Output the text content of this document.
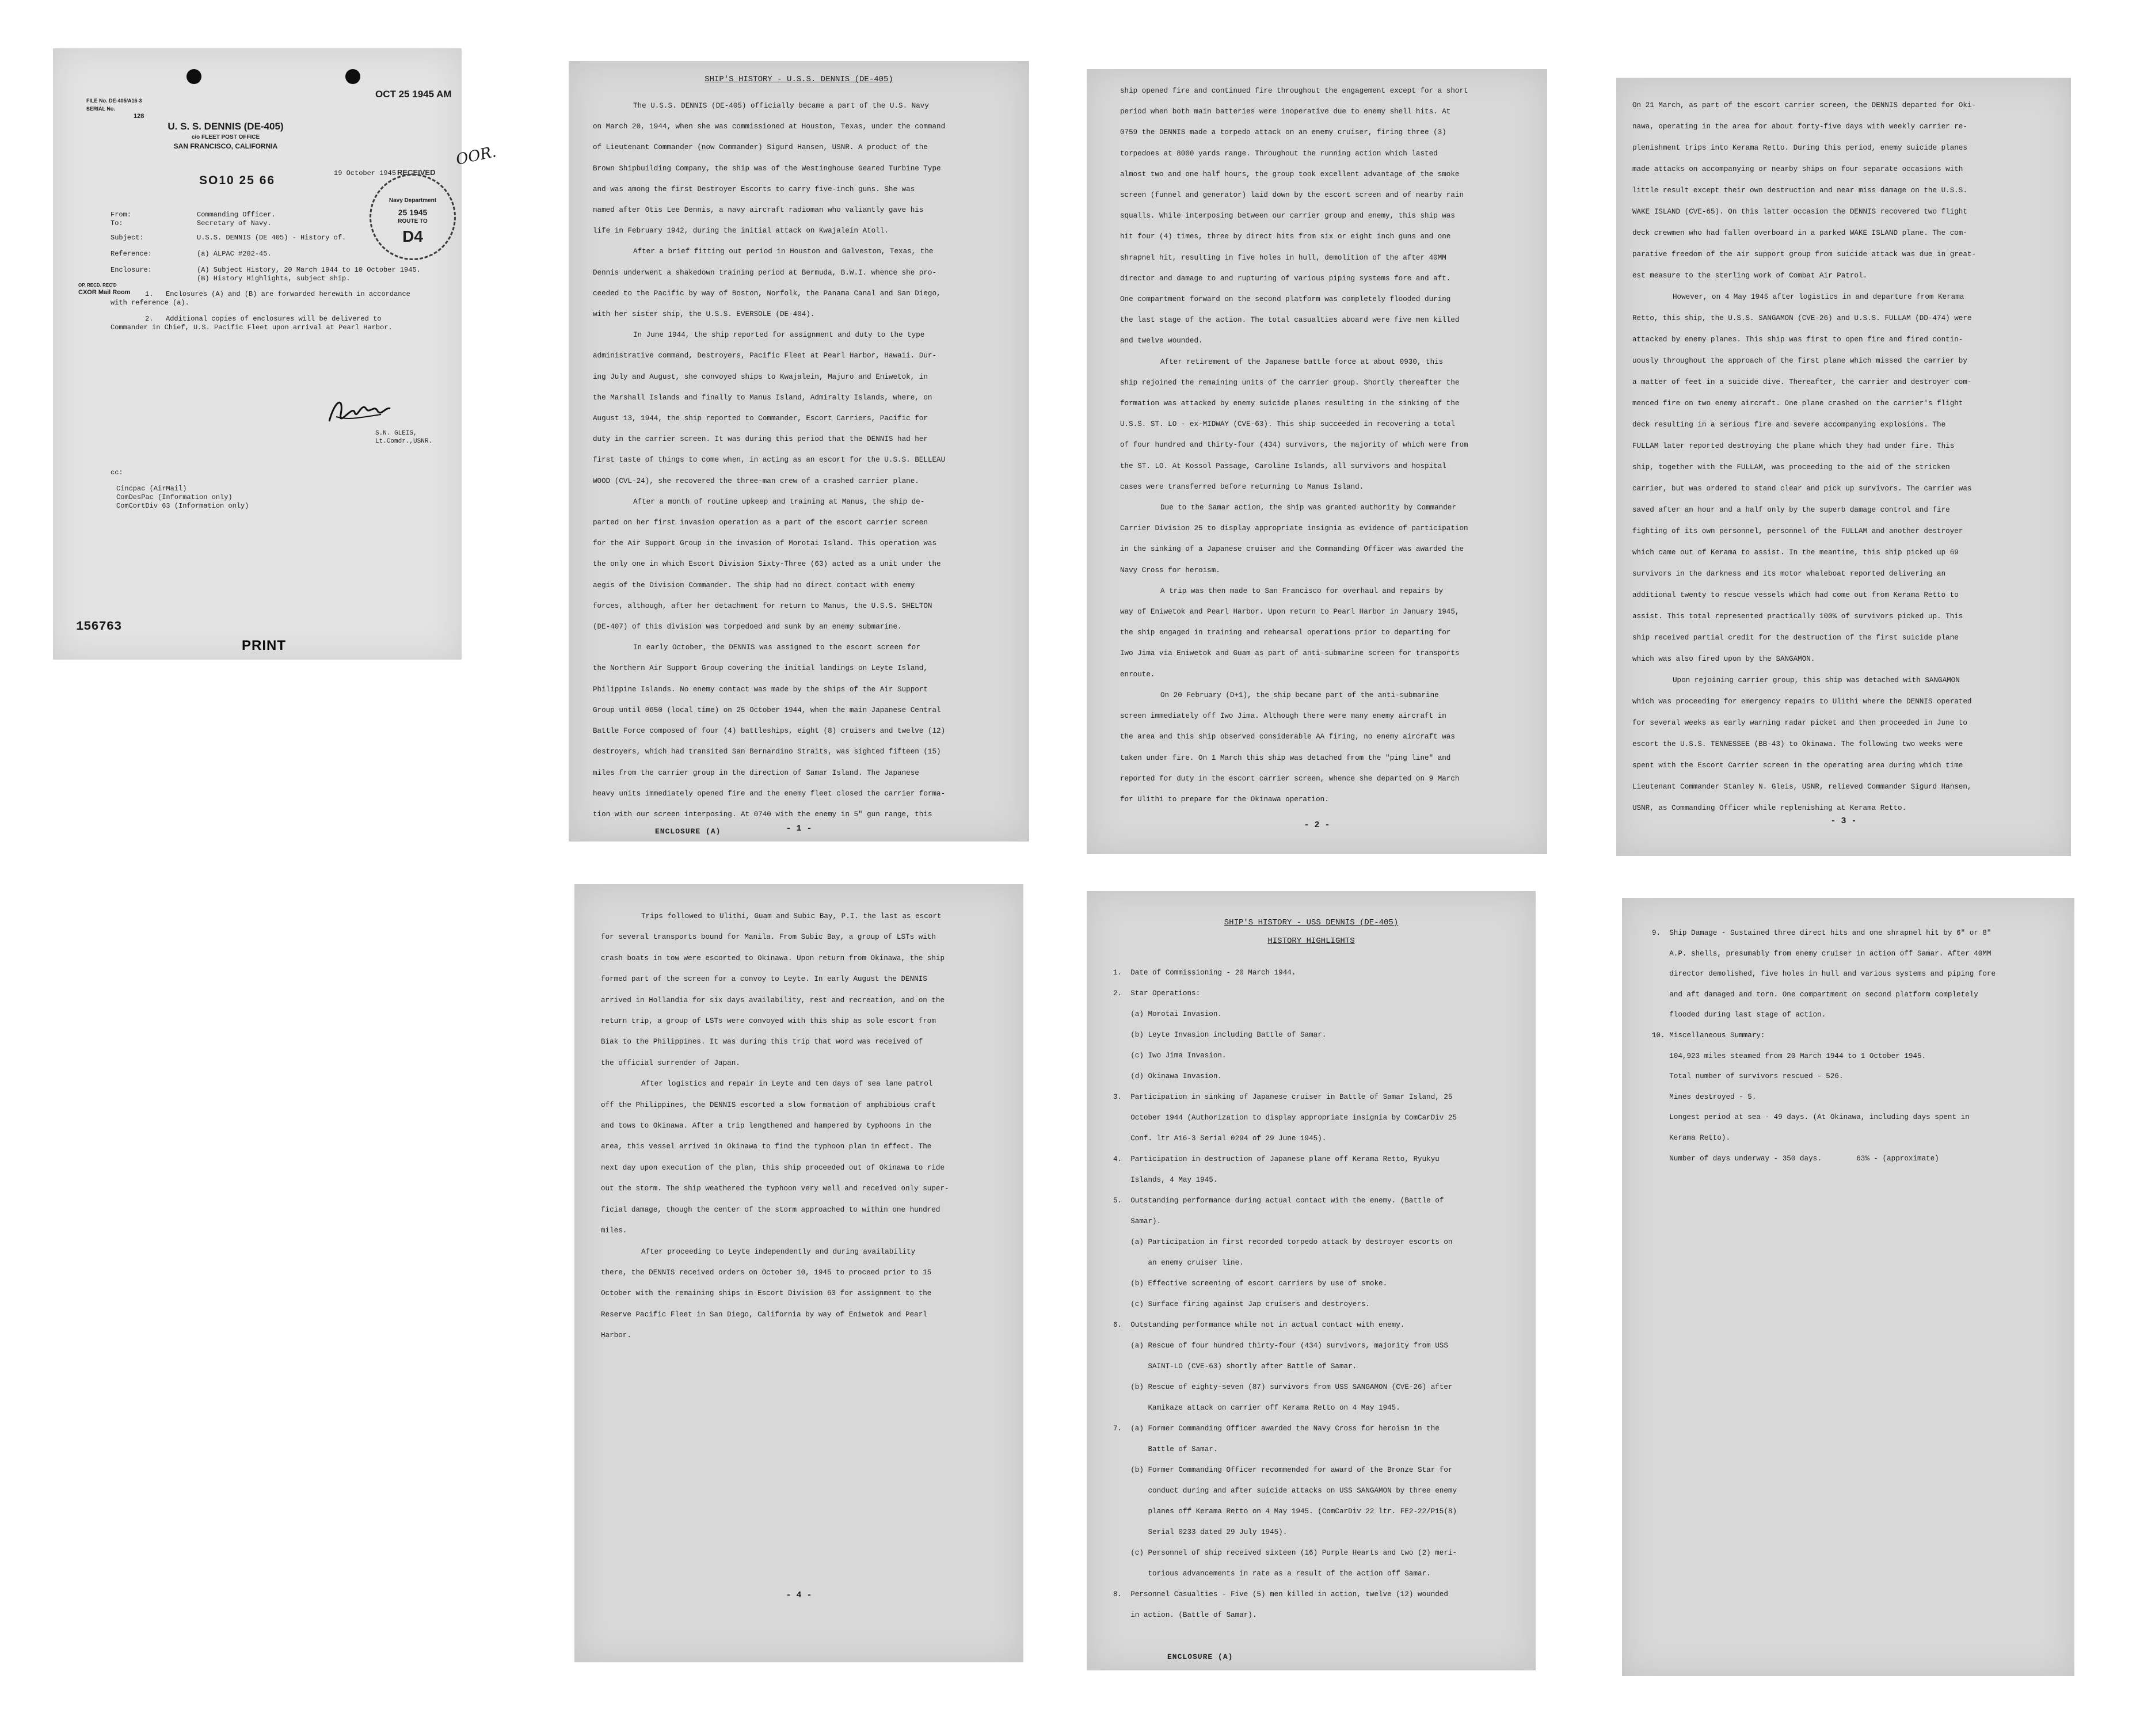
FILE No. DE-405/A16-3
SERIAL No.
128
OCT 25 1945 AM
U. S. S. DENNIS (DE-405)
c/o FLEET POST OFFICE
SAN FRANCISCO, CALIFORNIA
SO10 25 66
19 October 1945 RECEIVED
OOR.
Navy Department
25 1945
ROUTE TO
D4
From:	Commanding Officer.
To:	Secretary of Navy.
Subject:	U.S.S. DENNIS (DE 405) - History of.
Reference:	(a) ALPAC #202-45.
Enclosure:	(A) Subject History, 20 March 1944 to 10 October 1945.
(B) History Highlights, subject ship.
OP. RECD. REC'D
CXOR Mail Room 1. Enclosures (A) and (B) are forwarded herewith in accordance
with reference (a).
2. Additional copies of enclosures will be delivered to
Commander in Chief, U.S. Pacific Fleet upon arrival at Pearl Harbor.
S.N. GLEIS,
Lt.Comdr.,USNR.
cc:
Cincpac (AirMail)
ComDesPac (Information only)
ComCortDiv 63 (Information only)
156763
PRINT
SHIP'S HISTORY - U.S.S. DENNIS (DE-405)
The U.S.S. DENNIS (DE-405) officially became a part of the U.S. Navy
on March 20, 1944, when she was commissioned at Houston, Texas, under the command
of Lieutenant Commander (now Commander) Sigurd Hansen, USNR. A product of the
Brown Shipbuilding Company, the ship was of the Westinghouse Geared Turbine Type
and was among the first Destroyer Escorts to carry five-inch guns. She was
named after Otis Lee Dennis, a navy aircraft radioman who valiantly gave his
life in February 1942, during the initial attack on Kwajalein Atoll.
After a brief fitting out period in Houston and Galveston, Texas, the
Dennis underwent a shakedown training period at Bermuda, B.W.I. whence she pro-
ceeded to the Pacific by way of Boston, Norfolk, the Panama Canal and San Diego,
with her sister ship, the U.S.S. EVERSOLE (DE-404).
In June 1944, the ship reported for assignment and duty to the type
administrative command, Destroyers, Pacific Fleet at Pearl Harbor, Hawaii. Dur-
ing July and August, she convoyed ships to Kwajalein, Majuro and Eniwetok, in
the Marshall Islands and finally to Manus Island, Admiralty Islands, where, on
August 13, 1944, the ship reported to Commander, Escort Carriers, Pacific for
duty in the carrier screen. It was during this period that the DENNIS had her
first taste of things to come when, in acting as an escort for the U.S.S. BELLEAU
WOOD (CVL-24), she recovered the three-man crew of a crashed carrier plane.
After a month of routine upkeep and training at Manus, the ship de-
parted on her first invasion operation as a part of the escort carrier screen
for the Air Support Group in the invasion of Morotai Island. This operation was
the only one in which Escort Division Sixty-Three (63) acted as a unit under the
aegis of the Division Commander. The ship had no direct contact with enemy
forces, although, after her detachment for return to Manus, the U.S.S. SHELTON
(DE-407) of this division was torpedoed and sunk by an enemy submarine.
In early October, the DENNIS was assigned to the escort screen for
the Northern Air Support Group covering the initial landings on Leyte Island,
Philippine Islands. No enemy contact was made by the ships of the Air Support
Group until 0650 (local time) on 25 October 1944, when the main Japanese Central
Battle Force composed of four (4) battleships, eight (8) cruisers and twelve (12)
destroyers, which had transited San Bernardino Straits, was sighted fifteen (15)
miles from the carrier group in the direction of Samar Island. The Japanese
heavy units immediately opened fire and the enemy fleet closed the carrier forma-
tion with our screen interposing. At 0740 with the enemy in 5" gun range, this
- 1 -
ENCLOSURE (A)
ship opened fire and continued fire throughout the engagement except for a short
period when both main batteries were inoperative due to enemy shell hits. At
0759 the DENNIS made a torpedo attack on an enemy cruiser, firing three (3)
torpedoes at 8000 yards range. Throughout the running action which lasted
almost two and one half hours, the group took excellent advantage of the smoke
screen (funnel and generator) laid down by the escort screen and of nearby rain
squalls. While interposing between our carrier group and enemy, this ship was
hit four (4) times, three by direct hits from six or eight inch guns and one
shrapnel hit, resulting in five holes in hull, demolition of the after 40MM
director and damage to and rupturing of various piping systems fore and aft.
One compartment forward on the second platform was completely flooded during
the last stage of the action. The total casualties aboard were five men killed
and twelve wounded.
After retirement of the Japanese battle force at about 0930, this
ship rejoined the remaining units of the carrier group. Shortly thereafter the
formation was attacked by enemy suicide planes resulting in the sinking of the
U.S.S. ST. LO - ex-MIDWAY (CVE-63). This ship succeeded in recovering a total
of four hundred and thirty-four (434) survivors, the majority of which were from
the ST. LO. At Kossol Passage, Caroline Islands, all survivors and hospital
cases were transferred before returning to Manus Island.
Due to the Samar action, the ship was granted authority by Commander
Carrier Division 25 to display appropriate insignia as evidence of participation
in the sinking of a Japanese cruiser and the Commanding Officer was awarded the
Navy Cross for heroism.
A trip was then made to San Francisco for overhaul and repairs by
way of Eniwetok and Pearl Harbor. Upon return to Pearl Harbor in January 1945,
the ship engaged in training and rehearsal operations prior to departing for
Iwo Jima via Eniwetok and Guam as part of anti-submarine screen for transports
enroute.
On 20 February (D+1), the ship became part of the anti-submarine
screen immediately off Iwo Jima. Although there were many enemy aircraft in
the area and this ship observed considerable AA firing, no enemy aircraft was
taken under fire. On 1 March this ship was detached from the "ping line" and
reported for duty in the escort carrier screen, whence she departed on 9 March
for Ulithi to prepare for the Okinawa operation.
- 2 -
On 21 March, as part of the escort carrier screen, the DENNIS departed for Oki-
nawa, operating in the area for about forty-five days with weekly carrier re-
plenishment trips into Kerama Retto. During this period, enemy suicide planes
made attacks on accompanying or nearby ships on four separate occasions with
little result except their own destruction and near miss damage on the U.S.S.
WAKE ISLAND (CVE-65). On this latter occasion the DENNIS recovered two flight
deck crewmen who had fallen overboard in a parked WAKE ISLAND plane. The com-
parative freedom of the air support group from suicide attack was due in great-
est measure to the sterling work of Combat Air Patrol.
However, on 4 May 1945 after logistics in and departure from Kerama
Retto, this ship, the U.S.S. SANGAMON (CVE-26) and U.S.S. FULLAM (DD-474) were
attacked by enemy planes. This ship was first to open fire and fired contin-
uously throughout the approach of the first plane which missed the carrier by
a matter of feet in a suicide dive. Thereafter, the carrier and destroyer com-
menced fire on two enemy aircraft. One plane crashed on the carrier's flight
deck resulting in a serious fire and severe accompanying explosions. The
FULLAM later reported destroying the plane which they had under fire. This
ship, together with the FULLAM, was proceeding to the aid of the stricken
carrier, but was ordered to stand clear and pick up survivors. The carrier was
saved after an hour and a half only by the superb damage control and fire
fighting of its own personnel, personnel of the FULLAM and another destroyer
which came out of Kerama to assist. In the meantime, this ship picked up 69
survivors in the darkness and its motor whaleboat reported delivering an
additional twenty to rescue vessels which had come out from Kerama Retto to
assist. This total represented practically 100% of survivors picked up. This
ship received partial credit for the destruction of the first suicide plane
which was also fired upon by the SANGAMON.
Upon rejoining carrier group, this ship was detached with SANGAMON
which was proceeding for emergency repairs to Ulithi where the DENNIS operated
for several weeks as early warning radar picket and then proceeded in June to
escort the U.S.S. TENNESSEE (BB-43) to Okinawa. The following two weeks were
spent with the Escort Carrier screen in the operating area during which time
Lieutenant Commander Stanley N. Gleis, USNR, relieved Commander Sigurd Hansen,
USNR, as Commanding Officer while replenishing at Kerama Retto.
- 3 -
Trips followed to Ulithi, Guam and Subic Bay, P.I. the last as escort
for several transports bound for Manila. From Subic Bay, a group of LSTs with
crash boats in tow were escorted to Okinawa. Upon return from Okinawa, the ship
formed part of the screen for a convoy to Leyte. In early August the DENNIS
arrived in Hollandia for six days availability, rest and recreation, and on the
return trip, a group of LSTs were convoyed with this ship as sole escort from
Biak to the Philippines. It was during this trip that word was received of
the official surrender of Japan.
After logistics and repair in Leyte and ten days of sea lane patrol
off the Philippines, the DENNIS escorted a slow formation of amphibious craft
and tows to Okinawa. After a trip lengthened and hampered by typhoons in the
area, this vessel arrived in Okinawa to find the typhoon plan in effect. The
next day upon execution of the plan, this ship proceeded out of Okinawa to ride
out the storm. The ship weathered the typhoon very well and received only super-
ficial damage, though the center of the storm approached to within one hundred
miles.
After proceeding to Leyte independently and during availability
there, the DENNIS received orders on October 10, 1945 to proceed prior to 15
October with the remaining ships in Escort Division 63 for assignment to the
Reserve Pacific Fleet in San Diego, California by way of Eniwetok and Pearl
Harbor.
- 4 -
SHIP'S HISTORY - USS DENNIS (DE-405)
HISTORY HIGHLIGHTS
1.  Date of Commissioning - 20 March 1944.
2.  Star Operations:
(a) Morotai Invasion.
(b) Leyte Invasion including Battle of Samar.
(c) Iwo Jima Invasion.
(d) Okinawa Invasion.
3.  Participation in sinking of Japanese cruiser in Battle of Samar Island, 25
October 1944 (Authorization to display appropriate insignia by ComCarDiv 25
Conf. ltr A16-3 Serial 0294 of 29 June 1945).
4.  Participation in destruction of Japanese plane off Kerama Retto, Ryukyu
Islands, 4 May 1945.
5.  Outstanding performance during actual contact with the enemy. (Battle of
Samar).
(a) Participation in first recorded torpedo attack by destroyer escorts on
an enemy cruiser line.
(b) Effective screening of escort carriers by use of smoke.
(c) Surface firing against Jap cruisers and destroyers.
6.  Outstanding performance while not in actual contact with enemy.
(a) Rescue of four hundred thirty-four (434) survivors, majority from USS
SAINT-LO (CVE-63) shortly after Battle of Samar.
(b) Rescue of eighty-seven (87) survivors from USS SANGAMON (CVE-26) after
Kamikaze attack on carrier off Kerama Retto on 4 May 1945.
7.  (a) Former Commanding Officer awarded the Navy Cross for heroism in the
Battle of Samar.
(b) Former Commanding Officer recommended for award of the Bronze Star for
conduct during and after suicide attacks on USS SANGAMON by three enemy
planes off Kerama Retto on 4 May 1945. (ComCarDiv 22 ltr. FE2-22/P15(8)
Serial 0233 dated 29 July 1945).
(c) Personnel of ship received sixteen (16) Purple Hearts and two (2) meri-
torious advancements in rate as a result of the action off Samar.
8.  Personnel Casualties - Five (5) men killed in action, twelve (12) wounded
in action. (Battle of Samar).
ENCLOSURE (A)
9.  Ship Damage - Sustained three direct hits and one shrapnel hit by 6" or 8"
A.P. shells, presumably from enemy cruiser in action off Samar. After 40MM
director demolished, five holes in hull and various systems and piping fore
and aft damaged and torn. One compartment on second platform completely
flooded during last stage of action.
10. Miscellaneous Summary:
104,923 miles steamed from 20 March 1944 to 1 October 1945.
Total number of survivors rescued - 526.
Mines destroyed - 5.
Longest period at sea - 49 days. (At Okinawa, including days spent in
Kerama Retto).
Number of days underway - 350 days.        63% - (approximate)
